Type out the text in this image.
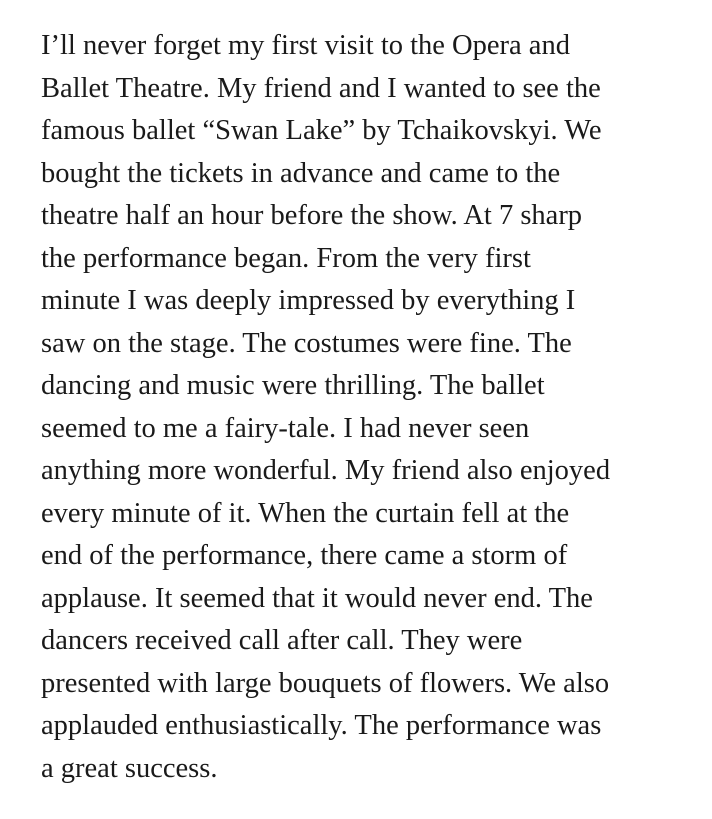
I’ll never forget my first visit to the Opera and
Ballet Theatre. My friend and I wanted to see the
famous ballet “Swan Lake” by Tchaikovskyi. We
bought the tickets in advance and came to the
theatre half an hour before the show. At 7 sharp
the performance began. From the very first
minute I was deeply impressed by everything I
saw on the stage. The costumes were fine. The
dancing and music were thrilling. The ballet
seemed to me a fairy-tale. I had never seen
anything more wonderful. My friend also enjoyed
every minute of it. When the curtain fell at the
end of the performance, there came a storm of
applause. It seemed that it would never end. The
dancers received call after call. They were
presented with large bouquets of flowers. We also
applauded enthusiastically. The performance was
a great success.
